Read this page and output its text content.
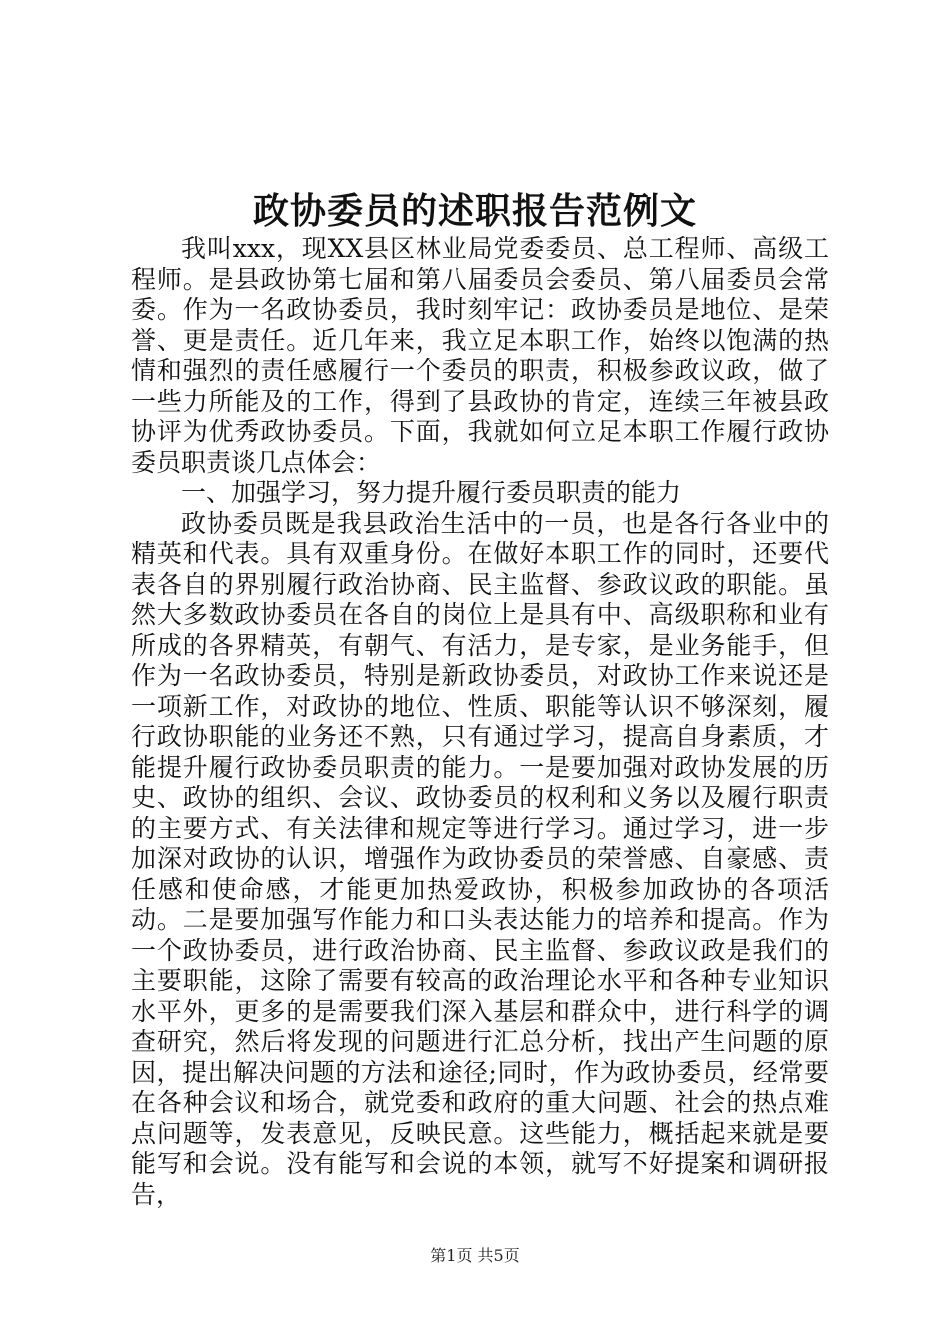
政协委员的述职报告范例文

我叫xxx，现XX县区林业局党委委员、总工程师、高级工程师。是县政协第七届和第八届委员会委员、第八届委员会常委。作为一名政协委员，我时刻牢记：政协委员是地位、是荣誉、更是责任。近几年来，我立足本职工作，始终以饱满的热情和强烈的责任感履行一个委员的职责，积极参政议政，做了一些力所能及的工作，得到了县政协的肯定，连续三年被县政协评为优秀政协委员。下面，我就如何立足本职工作履行政协委员职责谈几点体会：

一、加强学习，努力提升履行委员职责的能力

政协委员既是我县政治生活中的一员，也是各行各业中的精英和代表。具有双重身份。在做好本职工作的同时，还要代表各自的界别履行政治协商、民主监督、参政议政的职能。虽然大多数政协委员在各自的岗位上是具有中、高级职称和业有所成的各界精英，有朝气、有活力，是专家，是业务能手，但作为一名政协委员，特别是新政协委员，对政协工作来说还是一项新工作，对政协的地位、性质、职能等认识不够深刻，履行政协职能的业务还不熟，只有通过学习，提高自身素质，才能提升履行政协委员职责的能力。一是要加强对政协发展的历史、政协的组织、会议、政协委员的权利和义务以及履行职责的主要方式、有关法律和规定等进行学习。通过学习，进一步加深对政协的认识，增强作为政协委员的荣誉感、自豪感、责任感和使命感，才能更加热爱政协，积极参加政协的各项活动。二是要加强写作能力和口头表达能力的培养和提高。作为一个政协委员，进行政治协商、民主监督、参政议政是我们的主要职能，这除了需要有较高的政治理论水平和各种专业知识水平外，更多的是需要我们深入基层和群众中，进行科学的调查研究，然后将发现的问题进行汇总分析，找出产生问题的原因，提出解决问题的方法和途径;同时，作为政协委员，经常要在各种会议和场合，就党委和政府的重大问题、社会的热点难点问题等，发表意见，反映民意。这些能力，概括起来就是要能写和会说。没有能写和会说的本领，就写不好提案和调研报告，

第1页 共5页
